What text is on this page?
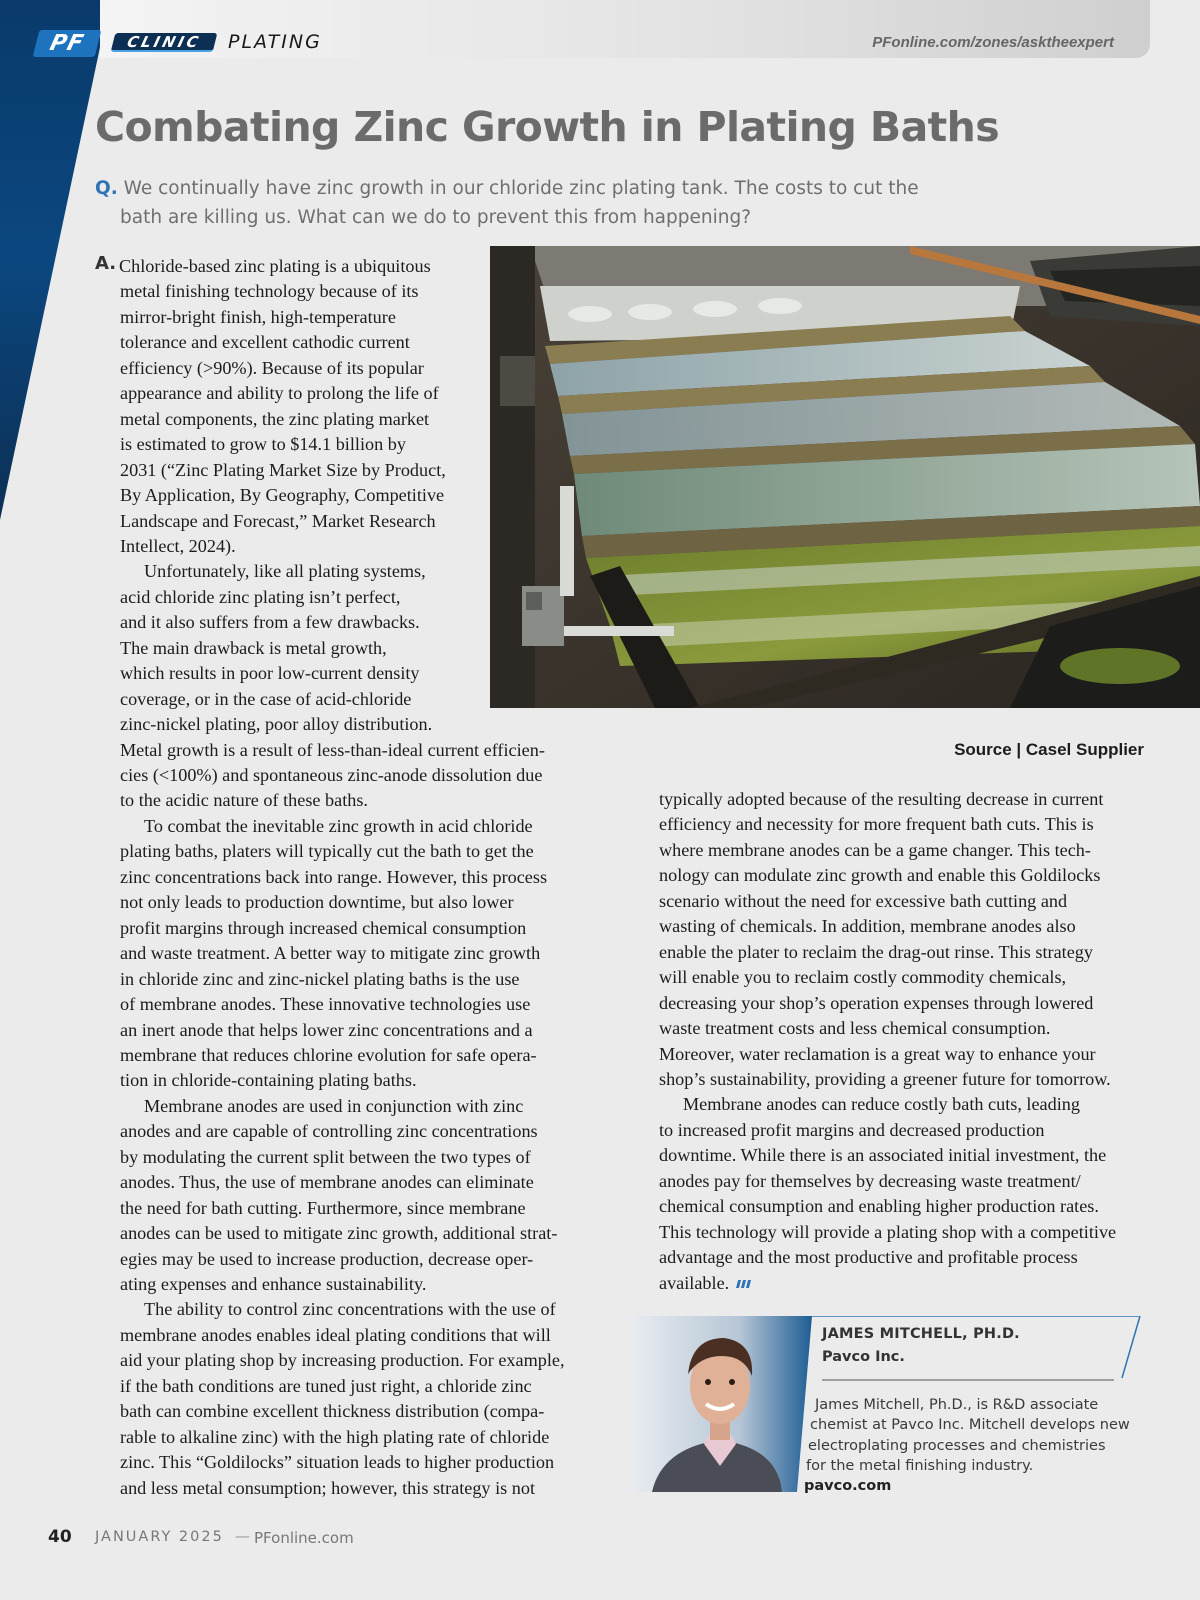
PF	CLINIC	PLATING	PFonline.com/zones/asktheexpert
Combating Zinc Growth in Plating Baths

Q. We continually have zinc growth in our chloride zinc plating tank. The costs to cut the bath are killing us. What can we do to prevent this from happening?

A. Chloride-based zinc plating is a ubiquitous
metal finishing technology because of its
mirror-bright finish, high-temperature
tolerance and excellent cathodic current
efficiency (>90%). Because of its popular
appearance and ability to prolong the life of
metal components, the zinc plating market
is estimated to grow to $14.1 billion by
2031 (“Zinc Plating Market Size by Product,
By Application, By Geography, Competitive
Landscape and Forecast,” Market Research
Intellect, 2024).
Unfortunately, like all plating systems,
acid chloride zinc plating isn’t perfect,
and it also suffers from a few drawbacks.
The main drawback is metal growth,
which results in poor low-current density
coverage, or in the case of acid-chloride
zinc-nickel plating, poor alloy distribution.
Metal growth is a result of less-than-ideal current efficien-
cies (<100%) and spontaneous zinc-anode dissolution due
to the acidic nature of these baths.
To combat the inevitable zinc growth in acid chloride
plating baths, platers will typically cut the bath to get the
zinc concentrations back into range. However, this process
not only leads to production downtime, but also lower
profit margins through increased chemical consumption
and waste treatment. A better way to mitigate zinc growth
in chloride zinc and zinc-nickel plating baths is the use
of membrane anodes. These innovative technologies use
an inert anode that helps lower zinc concentrations and a
membrane that reduces chlorine evolution for safe opera-
tion in chloride-containing plating baths.
Membrane anodes are used in conjunction with zinc
anodes and are capable of controlling zinc concentrations
by modulating the current split between the two types of
anodes. Thus, the use of membrane anodes can eliminate
the need for bath cutting. Furthermore, since membrane
anodes can be used to mitigate zinc growth, additional strat-
egies may be used to increase production, decrease oper-
ating expenses and enhance sustainability.
The ability to control zinc concentrations with the use of
membrane anodes enables ideal plating conditions that will
aid your plating shop by increasing production. For example,
if the bath conditions are tuned just right, a chloride zinc
bath can combine excellent thickness distribution (compa-
rable to alkaline zinc) with the high plating rate of chloride
zinc. This “Goldilocks” situation leads to higher production
and less metal consumption; however, this strategy is not
typically adopted because of the resulting decrease in current
efficiency and necessity for more frequent bath cuts. This is
where membrane anodes can be a game changer. This tech-
nology can modulate zinc growth and enable this Goldilocks
scenario without the need for excessive bath cutting and
wasting of chemicals. In addition, membrane anodes also
enable the plater to reclaim the drag-out rinse. This strategy
will enable you to reclaim costly commodity chemicals,
decreasing your shop’s operation expenses through lowered
waste treatment costs and less chemical consumption.
Moreover, water reclamation is a great way to enhance your
shop’s sustainability, providing a greener future for tomorrow.
Membrane anodes can reduce costly bath cuts, leading
to increased profit margins and decreased production
downtime. While there is an associated initial investment, the
anodes pay for themselves by decreasing waste treatment/
chemical consumption and enabling higher production rates.
This technology will provide a plating shop with a competitive
advantage and the most productive and profitable process
available.
Source | Casel Supplier
JAMES MITCHELL, PH.D.
Pavco Inc.
James Mitchell, Ph.D., is R&D associate
chemist at Pavco Inc. Mitchell develops new
electroplating processes and chemistries
for the metal finishing industry.
pavco.com
40 JANUARY 2025 — PFonline.com
